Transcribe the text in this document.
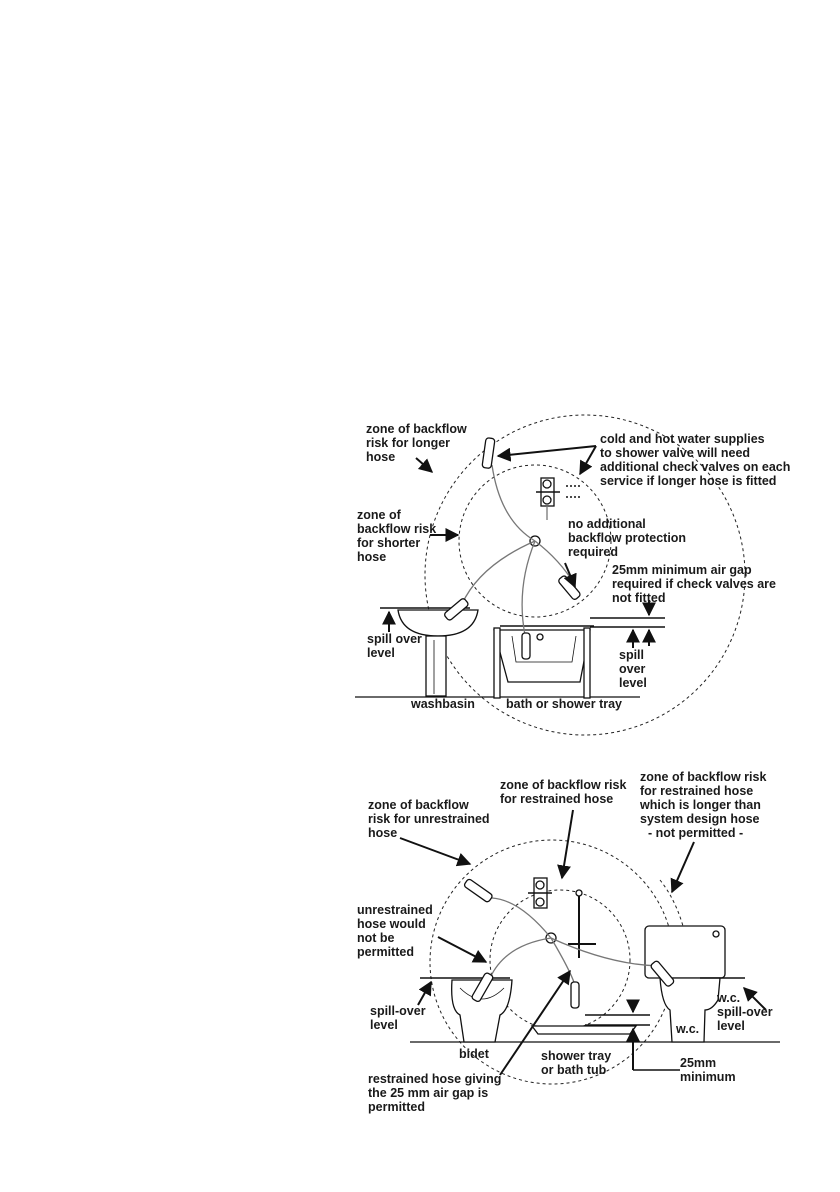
zone of backflow risk for longer hose
cold and hot water supplies to shower valve will need additional check valves on each service if longer hose is fitted
zone of backflow risk for shorter hose
no additional backflow protection required
25mm minimum air gap required if check valves are not fitted
spill over level	spill over level
washbasin bath or shower tray
zone of backflow risk for restrained hose
zone of backflow risk for restrained hose which is longer than system design hose - not permitted -
zone of backflow risk for unrestrained hose
unrestrained hose would not be permitted
spill-over level
w.c. spill-over level
w.c.
bidet	shower tray or bath tub	25mm minimum
restrained hose giving the 25 mm air gap is permitted
